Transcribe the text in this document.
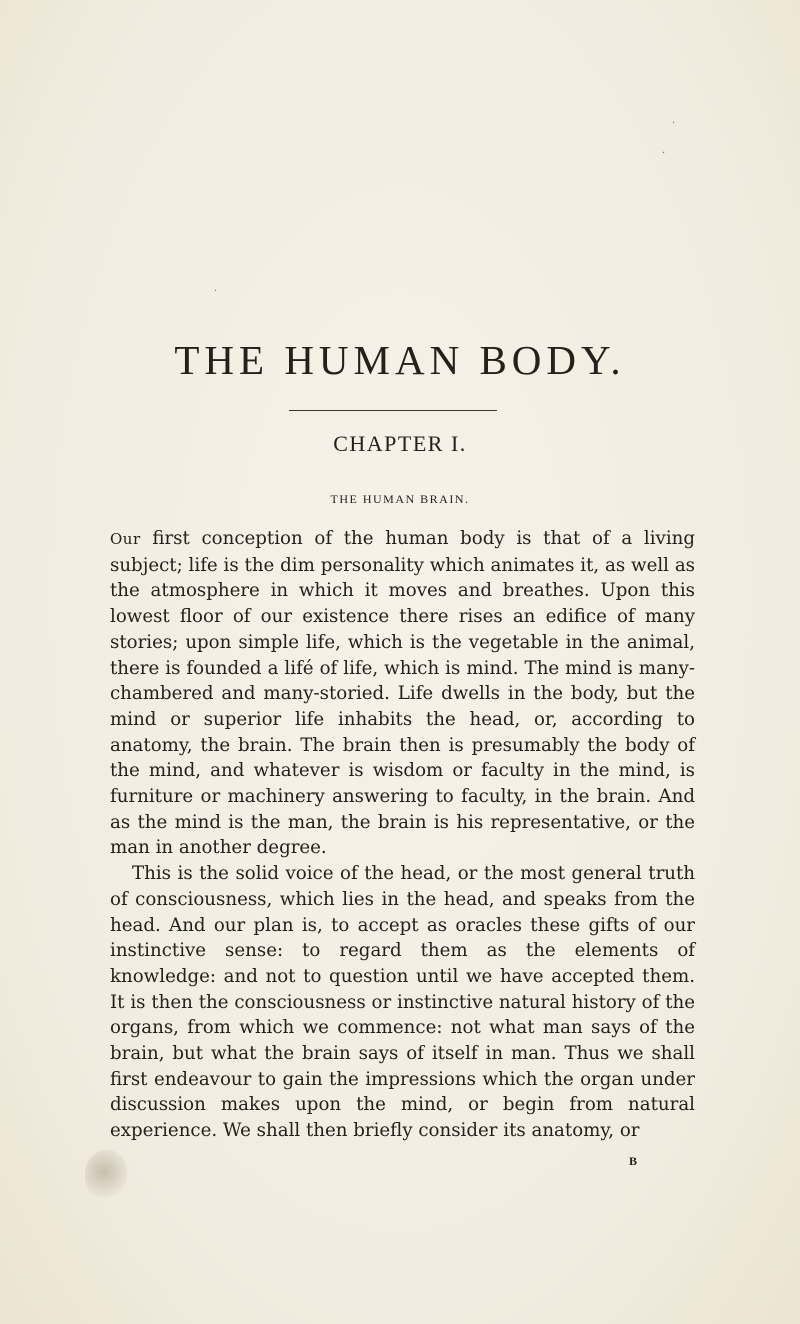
·
·
·
THE HUMAN BODY.
CHAPTER I.
THE HUMAN BRAIN.

Our first conception of the human body is that of a living subject; life is the dim personality which animates it, as well as the atmosphere in which it moves and breathes. Upon this lowest floor of our existence there rises an edifice of many stories; upon simple life, which is the vegetable in the animal, there is founded a lifé of life, which is mind. The mind is many-chambered and many-storied. Life dwells in the body, but the mind or superior life inhabits the head, or, according to anatomy, the brain. The brain then is presumably the body of the mind, and whatever is wisdom or faculty in the mind, is furniture or machinery answering to faculty, in the brain. And as the mind is the man, the brain is his representative, or the man in another degree.

This is the solid voice of the head, or the most general truth of consciousness, which lies in the head, and speaks from the head. And our plan is, to accept as oracles these gifts of our instinctive sense: to regard them as the elements of knowledge: and not to question until we have accepted them. It is then the consciousness or instinctive natural history of the organs, from which we commence: not what man says of the brain, but what the brain says of itself in man. Thus we shall first endeavour to gain the impressions which the organ under discussion makes upon the mind, or begin from natural experience. We shall then briefly consider its anatomy, or

B
